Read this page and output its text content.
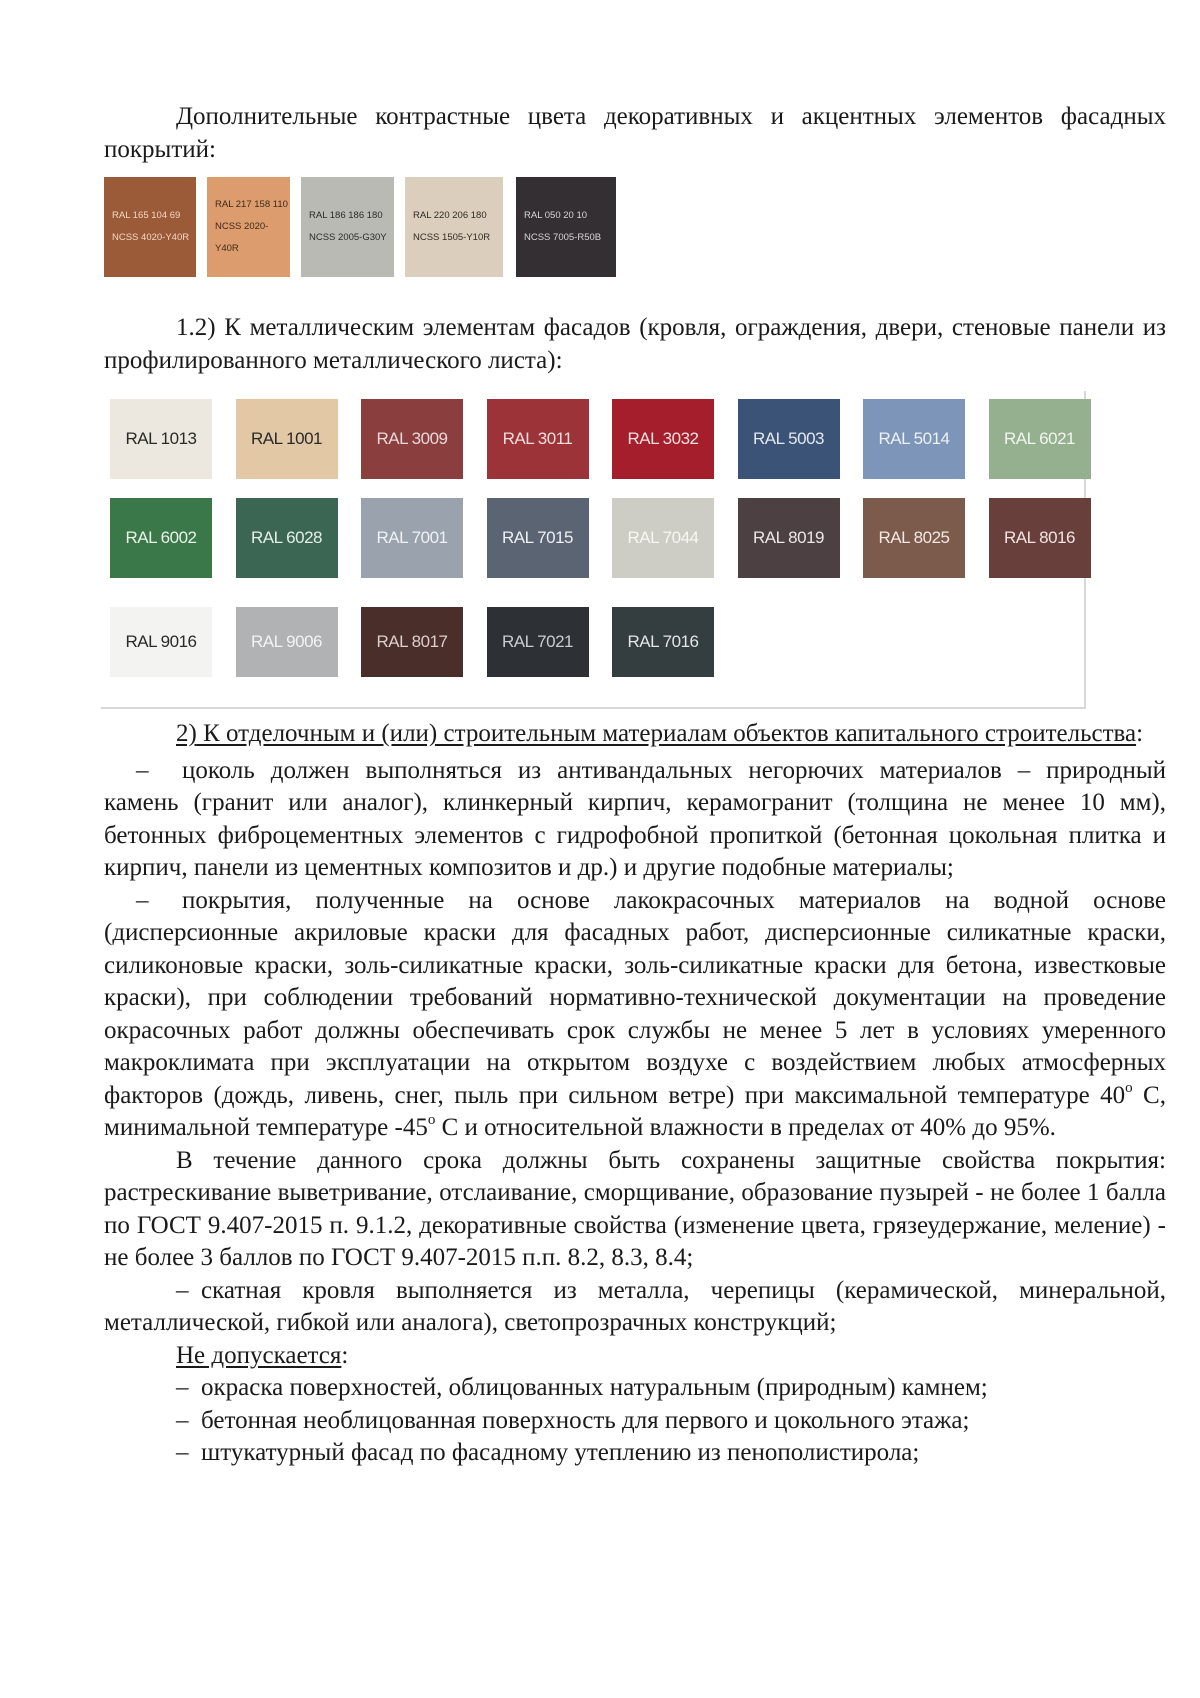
Дополнительные контрастные цвета декоративных и акцентных элементов фасадных покрытий:

RAL 165 104 69
NCSS 4020-Y40R
RAL 217 158 110
NCSS 2020-Y40R
RAL 186 186 180
NCSS 2005-G30Y
RAL 220 206 180
NCSS 1505-Y10R
RAL 050 20 10
NCSS 7005-R50B

1.2) К металлическим элементам фасадов (кровля, ограждения, двери, стеновые панели из профилированного металлического листа):

RAL 1013	RAL 1001	RAL 3009	RAL 3011	RAL 3032	RAL 5003	RAL 5014	RAL 6021
RAL 6002	RAL 6028	RAL 7001	RAL 7015	RAL 7044	RAL 8019	RAL 8025	RAL 8016
RAL 9016	RAL 9006	RAL 8017	RAL 7021	RAL 7016

2) К отделочным и (или) строительным материалам объектов капитального строительства:

– цоколь должен выполняться из антивандальных негорючих материалов – природный камень (гранит или аналог), клинкерный кирпич, керамогранит (толщина не менее 10 мм), бетонных фиброцементных элементов с гидрофобной пропиткой (бетонная цокольная плитка и кирпич, панели из цементных композитов и др.) и другие подобные материалы;

– покрытия, полученные на основе лакокрасочных материалов на водной основе (дисперсионные акриловые краски для фасадных работ, дисперсионные силикатные краски, силиконовые краски, золь-силикатные краски, золь-силикатные краски для бетона, известковые краски), при соблюдении требований нормативно-технической документации на проведение окрасочных работ должны обеспечивать срок службы не менее 5 лет в условиях умеренного макроклимата при эксплуатации на открытом воздухе с воздействием любых атмосферных факторов (дождь, ливень, снег, пыль при сильном ветре) при максимальной температуре 40$^o$ С, минимальной температуре -45$^o$ С и относительной влажности в пределах от 40% до 95%.

В течение данного срока должны быть сохранены защитные свойства покрытия: растрескивание выветривание, отслаивание, сморщивание, образование пузырей - не более 1 балла по ГОСТ 9.407-2015 п. 9.1.2, декоративные свойства (изменение цвета, грязеудержание, меление) - не более 3 баллов по ГОСТ 9.407-2015 п.п. 8.2, 8.3, 8.4;

– скатная кровля выполняется из металла, черепицы (керамической, минеральной, металлической, гибкой или аналога), светопрозрачных конструкций;

Не допускается:

– окраска поверхностей, облицованных натуральным (природным) камнем;

– бетонная необлицованная поверхность для первого и цокольного этажа;

– штукатурный фасад по фасадному утеплению из пенополистирола;
